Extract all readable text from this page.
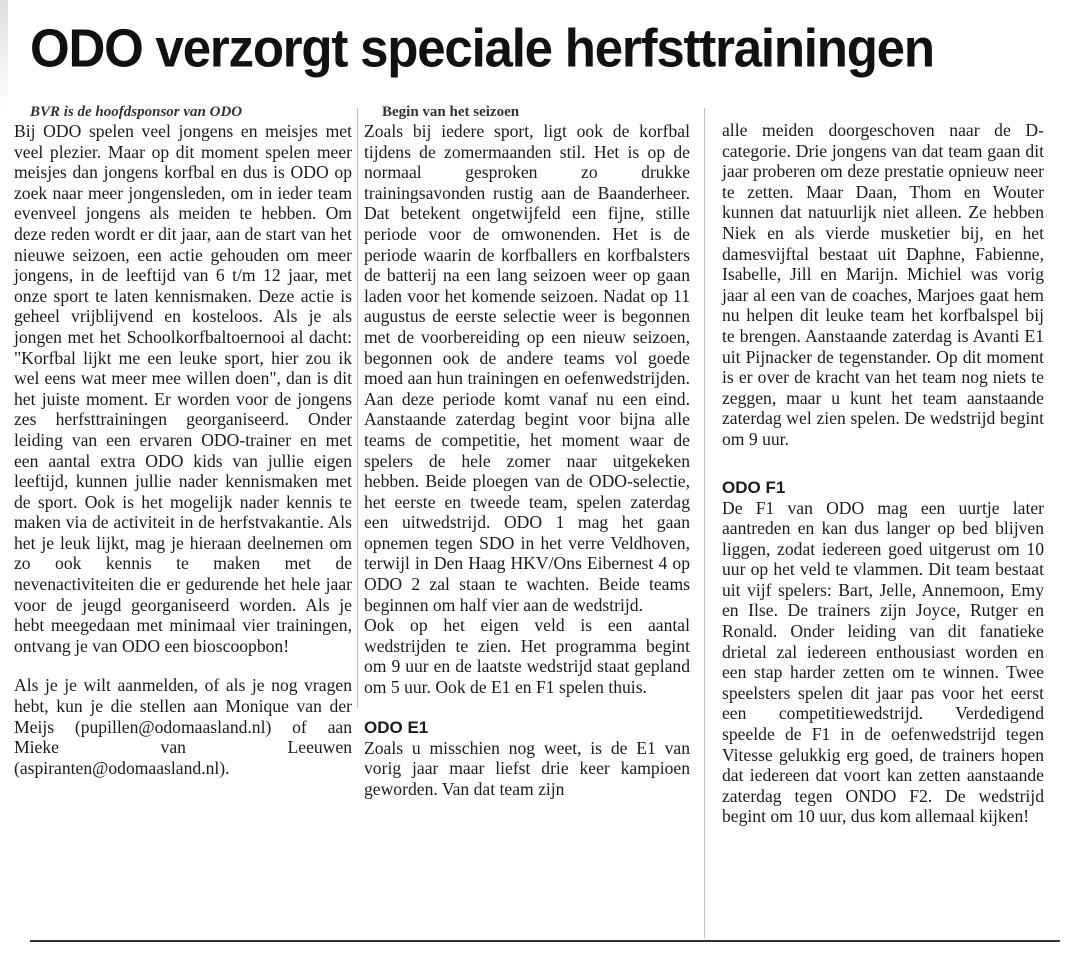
ODO verzorgt speciale herfsttrainingen
BVR is de hoofdsponsor van ODO

Bij ODO spelen veel jongens en meisjes met veel plezier. Maar op dit moment spelen meer meisjes dan jongens korfbal en dus is ODO op zoek naar meer jongensleden, om in ieder team evenveel jongens als meiden te hebben. Om deze reden wordt er dit jaar, aan de start van het nieuwe seizoen, een actie gehouden om meer jongens, in de leeftijd van 6 t/m 12 jaar, met onze sport te laten kennismaken. Deze actie is geheel vrijblijvend en kosteloos. Als je als jongen met het Schoolkorfbaltoernooi al dacht: "Korfbal lijkt me een leuke sport, hier zou ik wel eens wat meer mee willen doen", dan is dit het juiste moment. Er worden voor de jongens zes herfsttrainingen georganiseerd. Onder leiding van een ervaren ODO-trainer en met een aantal extra ODO kids van jullie eigen leeftijd, kunnen jullie nader kennismaken met de sport. Ook is het mogelijk nader kennis te maken via de activiteit in de herfstvakantie. Als het je leuk lijkt, mag je hieraan deelnemen om zo ook kennis te maken met de nevenactiviteiten die er gedurende het hele jaar voor de jeugd georganiseerd worden. Als je hebt meegedaan met minimaal vier trainingen, ontvang je van ODO een bioscoopbon!

Als je je wilt aanmelden, of als je nog vragen hebt, kun je die stellen aan Monique van der Meijs (pupillen@odomaasland.nl) of aan Mieke van Leeuwen (aspiranten@odomaasland.nl).

Begin van het seizoen

Zoals bij iedere sport, ligt ook de korfbal tijdens de zomermaanden stil. Het is op de normaal gesproken zo drukke trainingsavonden rustig aan de Baanderheer. Dat betekent ongetwijfeld een fijne, stille periode voor de omwonenden. Het is de periode waarin de korfballers en korfbalsters de batterij na een lang seizoen weer op gaan laden voor het komende seizoen. Nadat op 11 augustus de eerste selectie weer is begonnen met de voorbereiding op een nieuw seizoen, begonnen ook de andere teams vol goede moed aan hun trainingen en oefenwedstrijden. Aan deze periode komt vanaf nu een eind. Aanstaande zaterdag begint voor bijna alle teams de competitie, het moment waar de spelers de hele zomer naar uitgekeken hebben. Beide ploegen van de ODO-selectie, het eerste en tweede team, spelen zaterdag een uitwedstrijd. ODO 1 mag het gaan opnemen tegen SDO in het verre Veldhoven, terwijl in Den Haag HKV/Ons Eibernest 4 op ODO 2 zal staan te wachten. Beide teams beginnen om half vier aan de wedstrijd.

Ook op het eigen veld is een aantal wedstrijden te zien. Het programma begint om 9 uur en de laatste wedstrijd staat gepland om 5 uur. Ook de E1 en F1 spelen thuis.

ODO E1

Zoals u misschien nog weet, is de E1 van vorig jaar maar liefst drie keer kampioen geworden. Van dat team zijn

alle meiden doorgeschoven naar de D-categorie. Drie jongens van dat team gaan dit jaar proberen om deze prestatie opnieuw neer te zetten. Maar Daan, Thom en Wouter kunnen dat natuurlijk niet alleen. Ze hebben Niek en als vierde musketier bij, en het damesvijftal bestaat uit Daphne, Fabienne, Isabelle, Jill en Marijn. Michiel was vorig jaar al een van de coaches, Marjoes gaat hem nu helpen dit leuke team het korfbalspel bij te brengen. Aanstaande zaterdag is Avanti E1 uit Pijnacker de tegenstander. Op dit moment is er over de kracht van het team nog niets te zeggen, maar u kunt het team aanstaande zaterdag wel zien spelen. De wedstrijd begint om 9 uur.

ODO F1

De F1 van ODO mag een uurtje later aantreden en kan dus langer op bed blijven liggen, zodat iedereen goed uitgerust om 10 uur op het veld te vlammen. Dit team bestaat uit vijf spelers: Bart, Jelle, Annemoon, Emy en Ilse. De trainers zijn Joyce, Rutger en Ronald. Onder leiding van dit fanatieke drietal zal iedereen enthousiast worden en een stap harder zetten om te winnen. Twee speelsters spelen dit jaar pas voor het eerst een competitiewedstrijd. Verdedigend speelde de F1 in de oefenwedstrijd tegen Vitesse gelukkig erg goed, de trainers hopen dat iedereen dat voort kan zetten aanstaande zaterdag tegen ONDO F2. De wedstrijd begint om 10 uur, dus kom allemaal kijken!
